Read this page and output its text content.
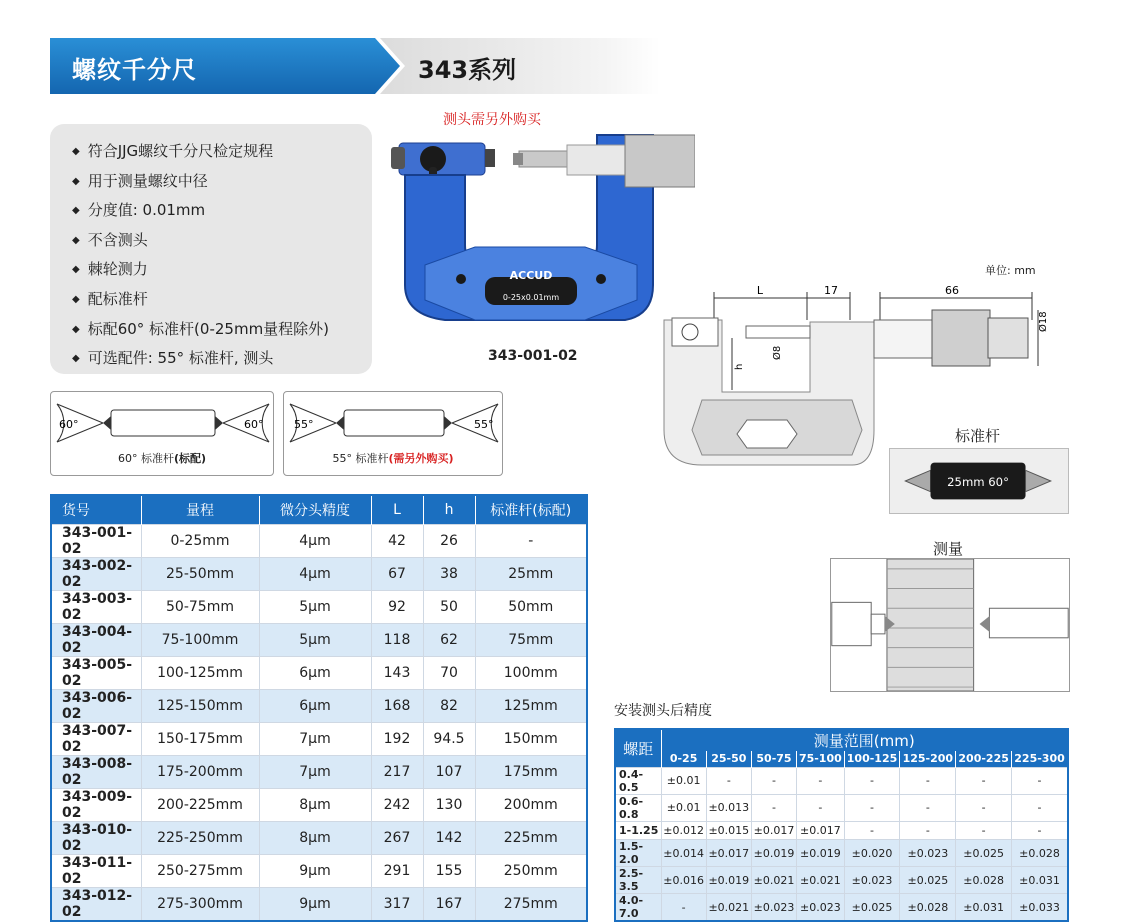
螺纹千分尺	343系列
◆ 符合JJG螺纹千分尺检定规程
◆ 用于测量螺纹中径
◆ 分度值: 0.01mm
◆ 不含测头
◆ 棘轮测力
◆ 配标准杆
◆ 标配60° 标准杆(0-25mm量程除外)
◆ 可选配件: 55° 标准杆, 测头
ACCUD
0-25x0.01mm
测头需另外购买
343-001-02
60°	60°
60° 标准杆(标配)
55°	55°
55° 标准杆(需另外购买)
单位: mm
L	17	66
Ø18
Ø8
h
标准杆
25mm 60°
测量
货号	量程	微分头精度	L	h	标准杆(标配)
343-001-02	0-25mm	4μm	42	26	-
343-002-02	25-50mm	4μm	67	38	25mm
343-003-02	50-75mm	5μm	92	50	50mm
343-004-02	75-100mm	5μm	118	62	75mm
343-005-02	100-125mm	6μm	143	70	100mm
343-006-02	125-150mm	6μm	168	82	125mm
343-007-02	150-175mm	7μm	192	94.5	150mm
343-008-02	175-200mm	7μm	217	107	175mm
343-009-02	200-225mm	8μm	242	130	200mm
343-010-02	225-250mm	8μm	267	142	225mm
343-011-02	250-275mm	9μm	291	155	250mm
343-012-02	275-300mm	9μm	317	167	275mm
安装测头后精度
螺距	测量范围(mm)							
	0-25	25-50	50-75	75-100	100-125	125-200	200-225	225-300
0.4-0.5	±0.01	-	-	-	-	-	-	-
0.6-0.8	±0.01	±0.013	-	-	-	-	-	-
1-1.25	±0.012	±0.015	±0.017	±0.017	-	-	-	-
1.5-2.0	±0.014	±0.017	±0.019	±0.019	±0.020	±0.023	±0.025	±0.028
2.5-3.5	±0.016	±0.019	±0.021	±0.021	±0.023	±0.025	±0.028	±0.031
4.0-7.0	-	±0.021	±0.023	±0.023	±0.025	±0.028	±0.031	±0.033
